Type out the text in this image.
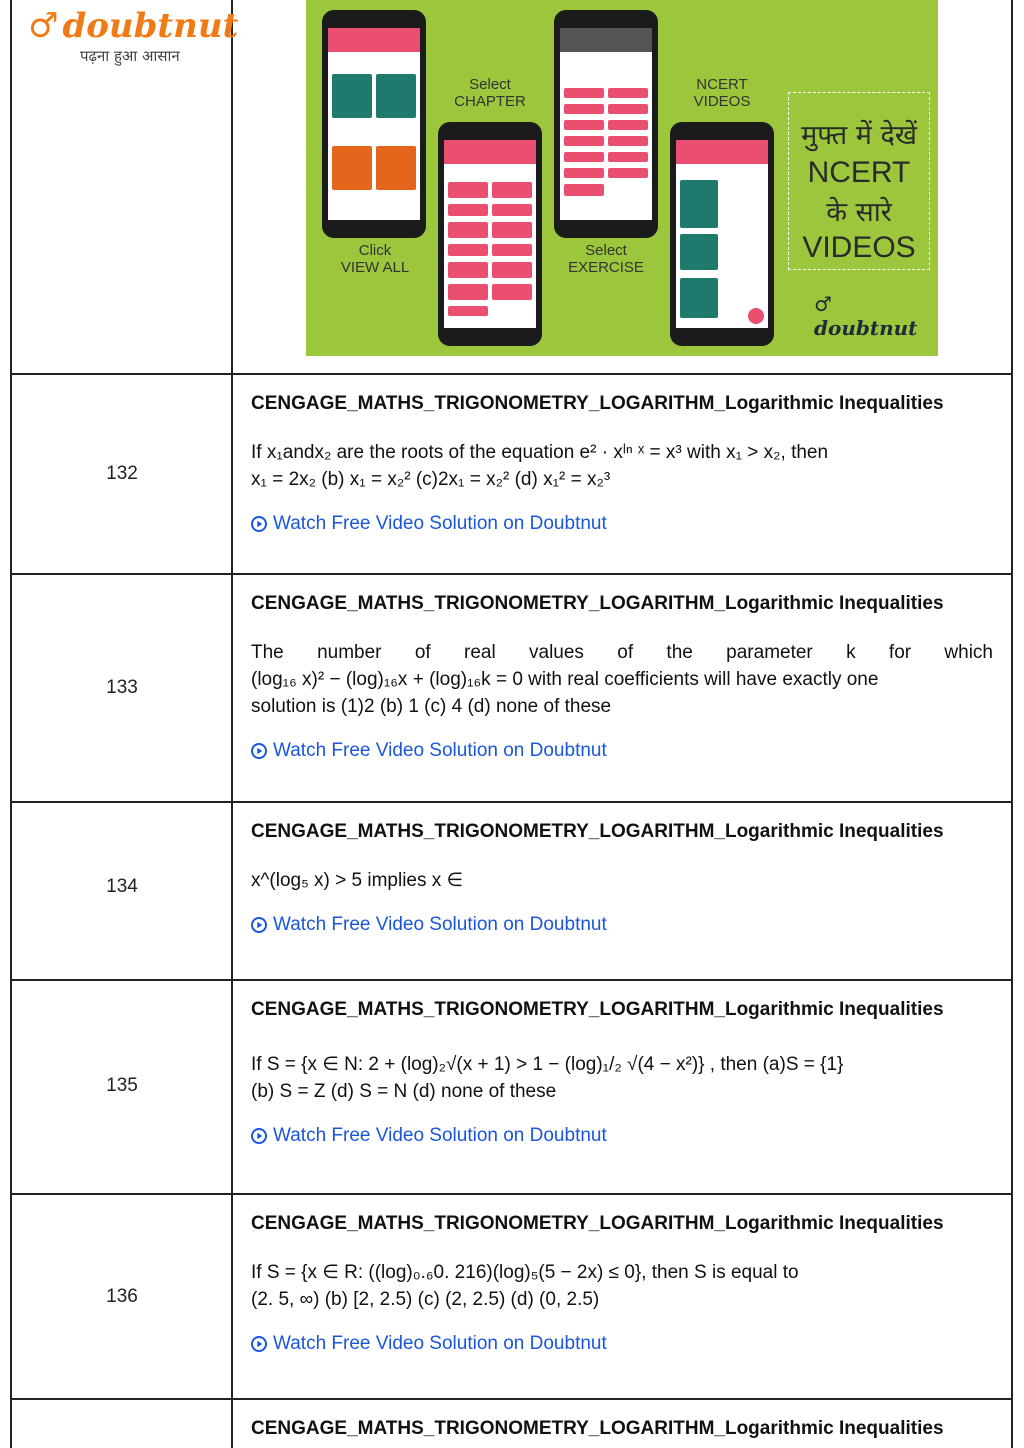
♂ doubtnut
पढ़ना हुआ आसान
Click
VIEW ALL
Select
CHAPTER
Select
EXERCISE
NCERT
VIDEOS
मुफ्त में देखें
NCERT
के सारे
VIDEOS
♂ doubtnut
132
CENGAGE_MATHS_TRIGONOMETRY_LOGARITHM_Logarithmic Inequalities
If x₁andx₂ are the roots of the equation e² · xˡⁿ ˣ = x³ with x₁ > x₂, then
x₁ = 2x₂ (b) x₁ = x₂² (c)2x₁ = x₂² (d) x₁² = x₂³
Watch Free Video Solution on Doubtnut
133
CENGAGE_MATHS_TRIGONOMETRY_LOGARITHM_Logarithmic Inequalities
The number of real values of the parameter k for which
(log₁₆ x)² − (log)₁₆x + (log)₁₆k = 0 with real coefficients will have exactly one
solution is (1)2 (b) 1 (c) 4 (d) none of these
Watch Free Video Solution on Doubtnut
134
CENGAGE_MATHS_TRIGONOMETRY_LOGARITHM_Logarithmic Inequalities
x^(log₅ x) > 5 implies x ∈
Watch Free Video Solution on Doubtnut
135
CENGAGE_MATHS_TRIGONOMETRY_LOGARITHM_Logarithmic Inequalities
If S = {x ∈ N: 2 + (log)₂√(x + 1) > 1 − (log)₁/₂ √(4 − x²)} , then (a)S = {1}
(b) S = Z (d) S = N (d) none of these
Watch Free Video Solution on Doubtnut
136
CENGAGE_MATHS_TRIGONOMETRY_LOGARITHM_Logarithmic Inequalities
If S = {x ∈ R: ((log)₀.₆0. 216)(log)₅(5 − 2x) ≤ 0}, then S is equal to
(2. 5, ∞) (b) [2, 2.5) (c) (2, 2.5) (d) (0, 2.5)
Watch Free Video Solution on Doubtnut
CENGAGE_MATHS_TRIGONOMETRY_LOGARITHM_Logarithmic Inequalities
